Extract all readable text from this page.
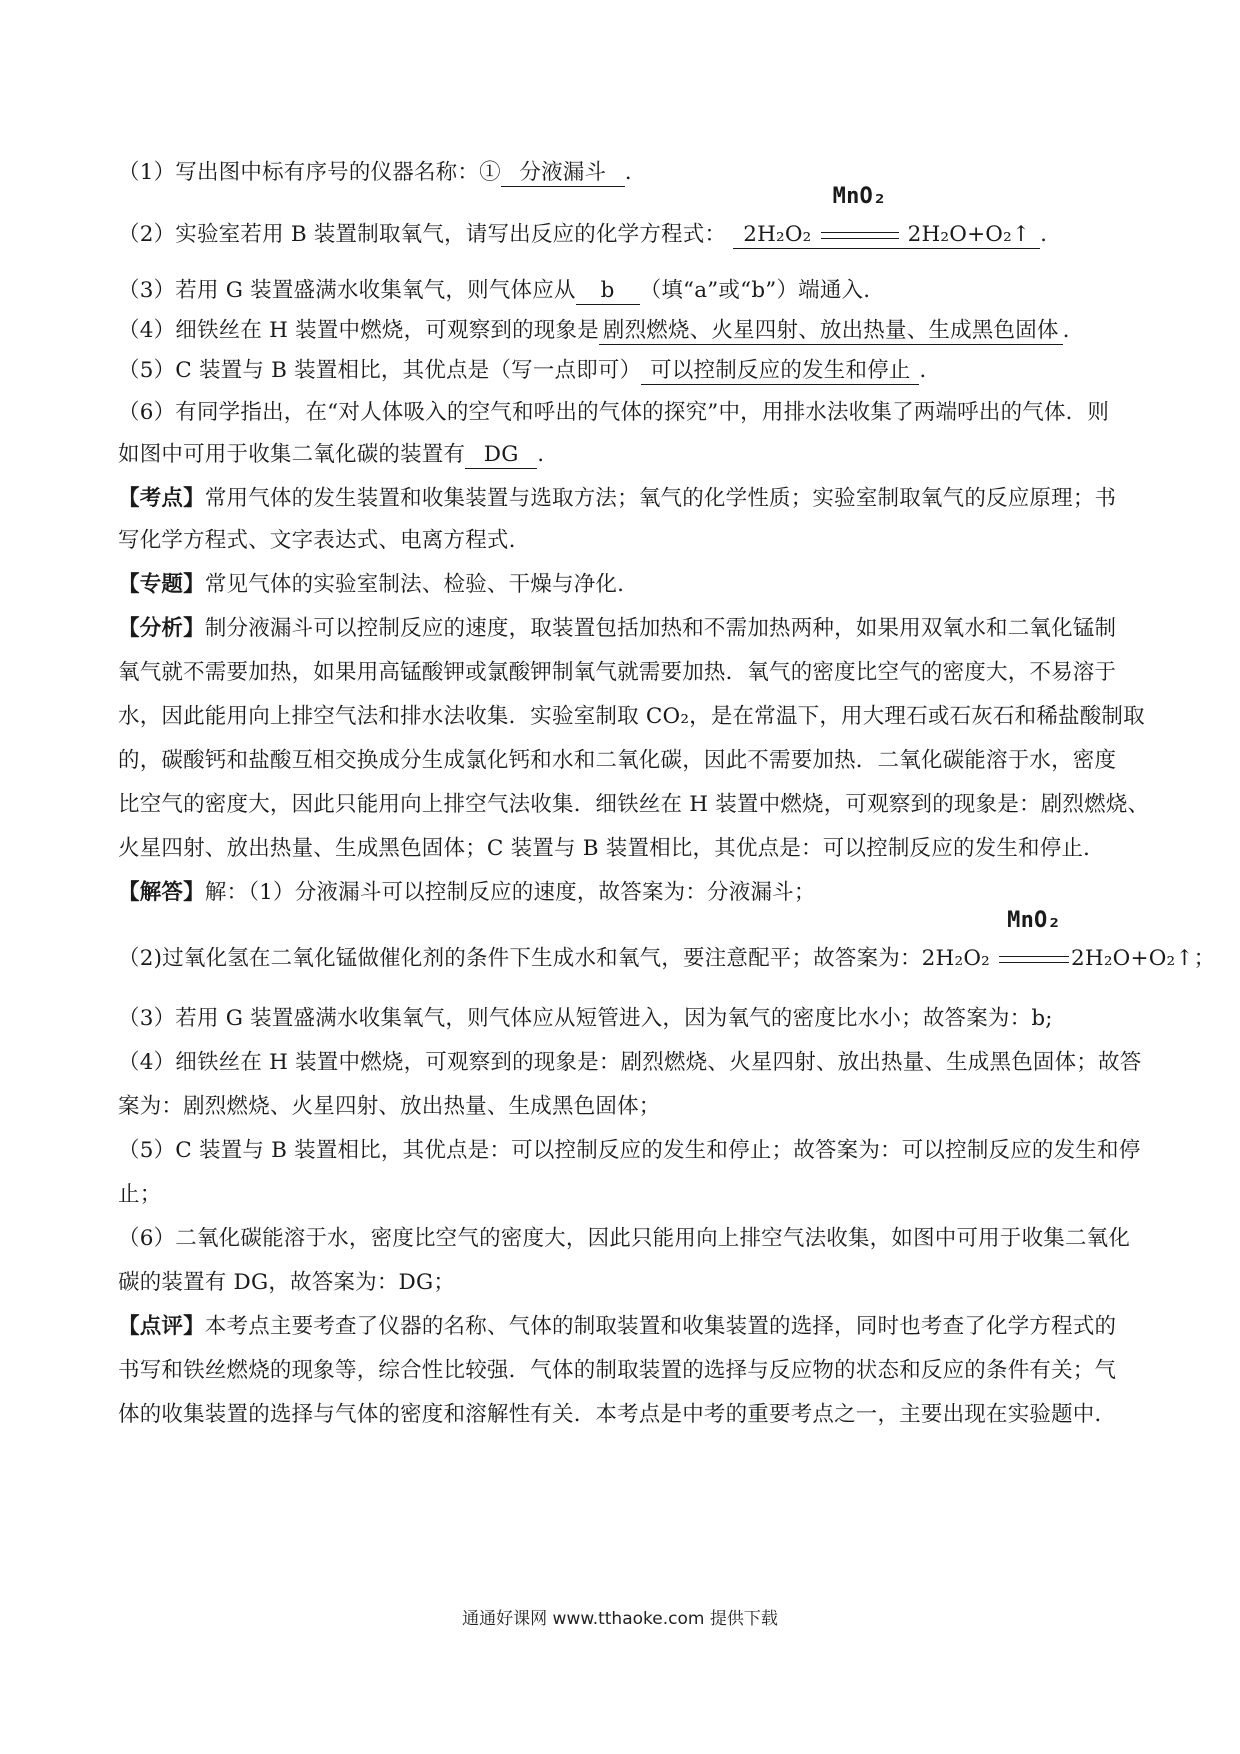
（1）写出图中标有序号的仪器名称：① 分液漏斗 .
（2）实验室若用 B 装置制取氧气，请写出反应的化学方程式： 2H₂O₂
MnO₂
2H₂O+O₂↑ .
（3）若用 G 装置盛满水收集氧气，则气体应从 b （填“a”或“b”）端通入.
（4）细铁丝在 H 装置中燃烧，可观察到的现象是 剧烈燃烧、火星四射、放出热量、生成黑色固体 .
（5）C 装置与 B 装置相比，其优点是（写一点即可） 可以控制反应的发生和停止 .
（6）有同学指出，在“对人体吸入的空气和呼出的气体的探究”中，用排水法收集了两端呼出的气体．则
如图中可用于收集二氧化碳的装置有 DG .
【考点】常用气体的发生装置和收集装置与选取方法；氧气的化学性质；实验室制取氧气的反应原理；书
写化学方程式、文字表达式、电离方程式.
【专题】常见气体的实验室制法、检验、干燥与净化.
【分析】制分液漏斗可以控制反应的速度，取装置包括加热和不需加热两种，如果用双氧水和二氧化锰制
氧气就不需要加热，如果用高锰酸钾或氯酸钾制氧气就需要加热．氧气的密度比空气的密度大，不易溶于
水，因此能用向上排空气法和排水法收集．实验室制取 CO₂，是在常温下，用大理石或石灰石和稀盐酸制取
的，碳酸钙和盐酸互相交换成分生成氯化钙和水和二氧化碳，因此不需要加热．二氧化碳能溶于水，密度
比空气的密度大，因此只能用向上排空气法收集．细铁丝在 H 装置中燃烧，可观察到的现象是：剧烈燃烧、
火星四射、放出热量、生成黑色固体；C 装置与 B 装置相比，其优点是：可以控制反应的发生和停止．
【解答】解：（1）分液漏斗可以控制反应的速度，故答案为：分液漏斗；
（2)过氧化氢在二氧化锰做催化剂的条件下生成水和氧气，要注意配平；故答案为：2H₂O₂
MnO₂
2H₂O+O₂↑；
（3）若用 G 装置盛满水收集氧气，则气体应从短管进入，因为氧气的密度比水小；故答案为：b;
（4）细铁丝在 H 装置中燃烧，可观察到的现象是：剧烈燃烧、火星四射、放出热量、生成黑色固体；故答
案为：剧烈燃烧、火星四射、放出热量、生成黑色固体；
（5）C 装置与 B 装置相比，其优点是：可以控制反应的发生和停止；故答案为：可以控制反应的发生和停
止；
（6）二氧化碳能溶于水，密度比空气的密度大，因此只能用向上排空气法收集，如图中可用于收集二氧化
碳的装置有 DG，故答案为：DG；
【点评】本考点主要考查了仪器的名称、气体的制取装置和收集装置的选择，同时也考查了化学方程式的
书写和铁丝燃烧的现象等，综合性比较强．气体的制取装置的选择与反应物的状态和反应的条件有关；气
体的收集装置的选择与气体的密度和溶解性有关．本考点是中考的重要考点之一，主要出现在实验题中．
通通好课网 www.tthaoke.com 提供下载
